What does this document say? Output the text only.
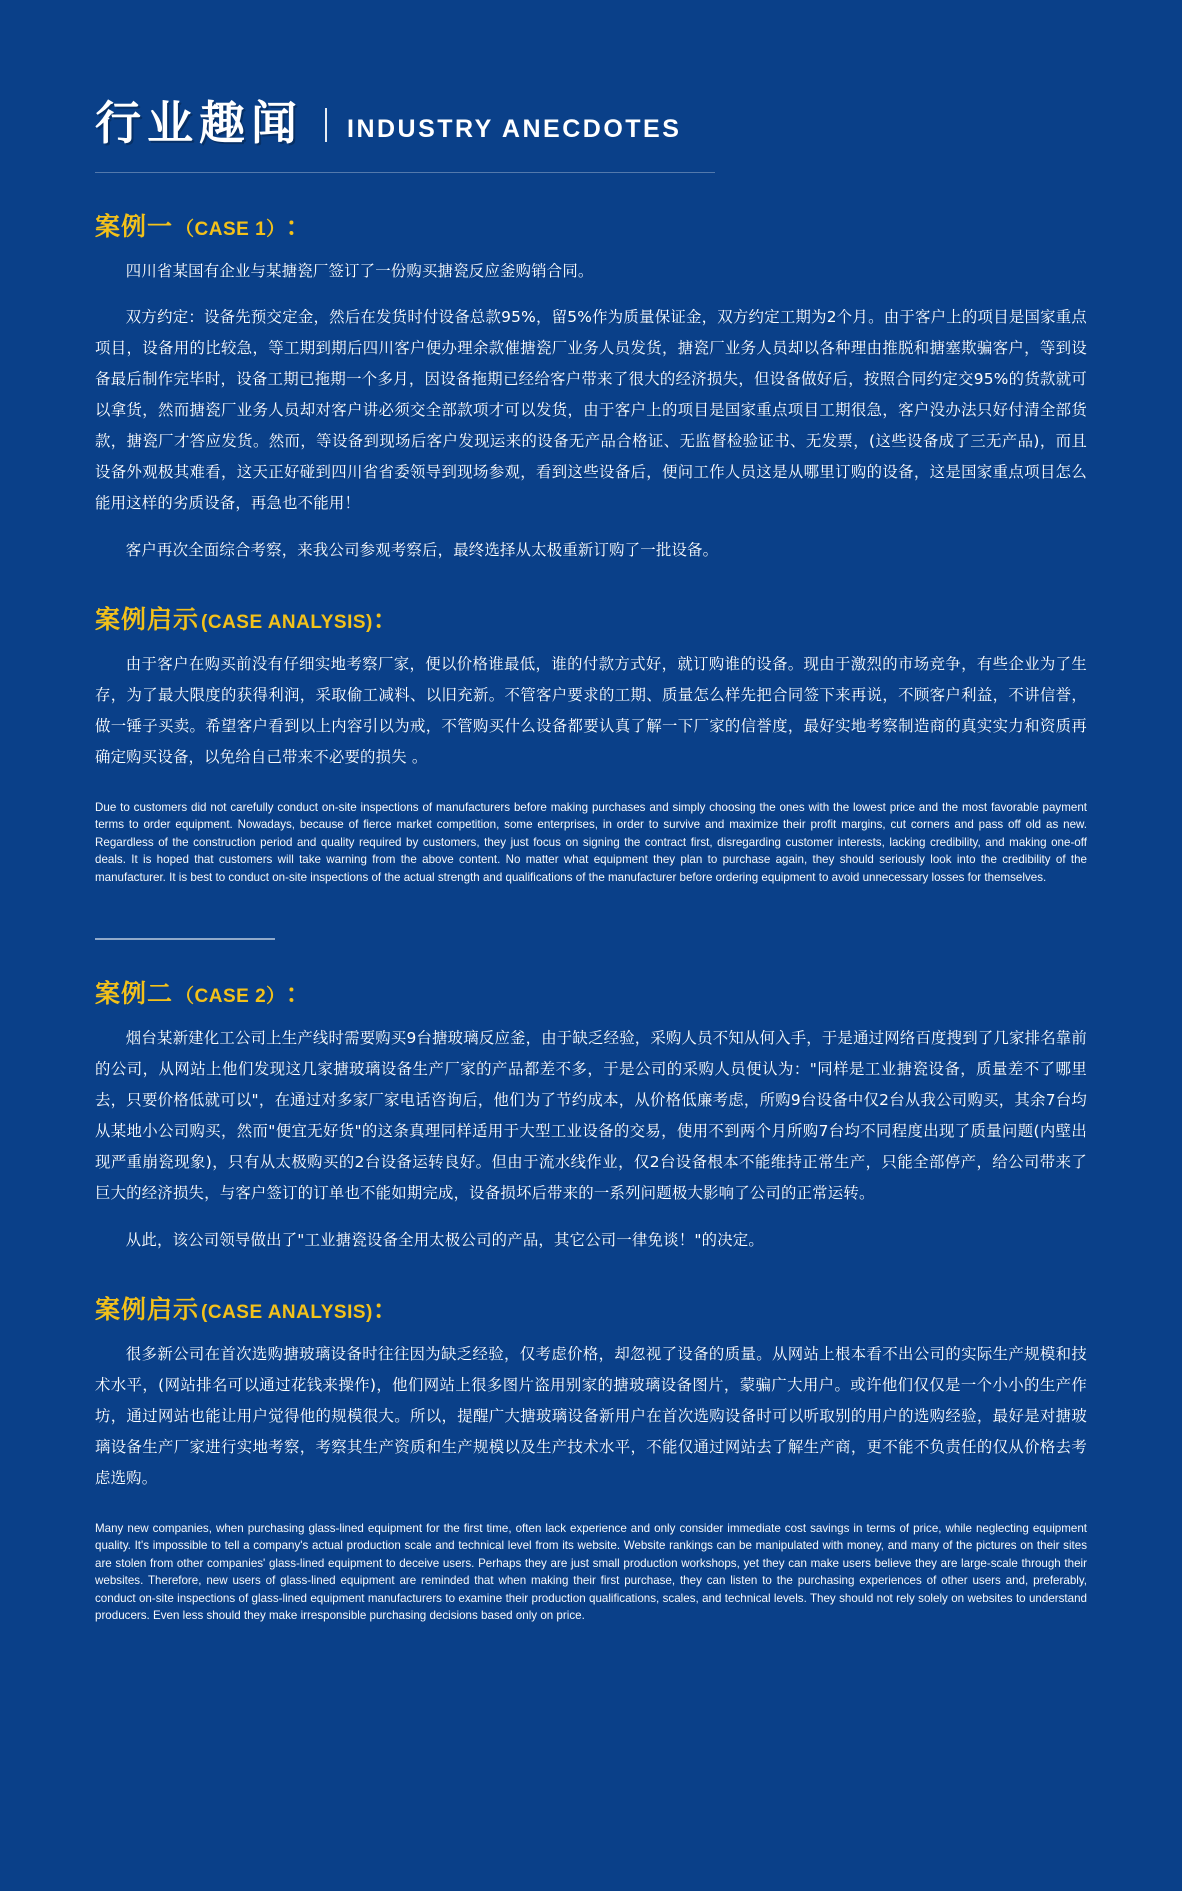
行业趣闻 INDUSTRY ANECDOTES
案例一 （CASE 1） ：

四川省某国有企业与某搪瓷厂签订了一份购买搪瓷反应釜购销合同。

双方约定：设备先预交定金，然后在发货时付设备总款95%，留5%作为质量保证金，双方约定工期为2个月。由于客户上的项目是国家重点项目，设备用的比较急，等工期到期后四川客户便办理余款催搪瓷厂业务人员发货，搪瓷厂业务人员却以各种理由推脱和搪塞欺骗客户，等到设备最后制作完毕时，设备工期已拖期一个多月，因设备拖期已经给客户带来了很大的经济损失，但设备做好后，按照合同约定交95%的货款就可以拿货，然而搪瓷厂业务人员却对客户讲必须交全部款项才可以发货，由于客户上的项目是国家重点项目工期很急，客户没办法只好付清全部货款，搪瓷厂才答应发货。然而，等设备到现场后客户发现运来的设备无产品合格证、无监督检验证书、无发票，(这些设备成了三无产品)，而且设备外观极其难看，这天正好碰到四川省省委领导到现场参观，看到这些设备后，便问工作人员这是从哪里订购的设备，这是国家重点项目怎么能用这样的劣质设备，再急也不能用！

客户再次全面综合考察，来我公司参观考察后，最终选择从太极重新订购了一批设备。

案例启示 (CASE ANALYSIS) ：

由于客户在购买前没有仔细实地考察厂家，便以价格谁最低，谁的付款方式好，就订购谁的设备。现由于激烈的市场竞争，有些企业为了生存，为了最大限度的获得利润，采取偷工减料、以旧充新。不管客户要求的工期、质量怎么样先把合同签下来再说，不顾客户利益，不讲信誉，做一锤子买卖。希望客户看到以上内容引以为戒，不管购买什么设备都要认真了解一下厂家的信誉度，最好实地考察制造商的真实实力和资质再确定购买设备，以免给自己带来不必要的损失 。

Due to customers did not carefully conduct on-site inspections of manufacturers before making purchases and simply choosing the ones with the lowest price and the most favorable payment terms to order equipment. Nowadays, because of fierce market competition, some enterprises, in order to survive and maximize their profit margins, cut corners and pass off old as new. Regardless of the construction period and quality required by customers, they just focus on signing the contract first, disregarding customer interests, lacking credibility, and making one-off deals. It is hoped that customers will take warning from the above content. No matter what equipment they plan to purchase again, they should seriously look into the credibility of the manufacturer. It is best to conduct on-site inspections of the actual strength and qualifications of the manufacturer before ordering equipment to avoid unnecessary losses for themselves.

案例二 （CASE 2） ：

烟台某新建化工公司上生产线时需要购买9台搪玻璃反应釜，由于缺乏经验，采购人员不知从何入手，于是通过网络百度搜到了几家排名靠前的公司，从网站上他们发现这几家搪玻璃设备生产厂家的产品都差不多，于是公司的采购人员便认为："同样是工业搪瓷设备，质量差不了哪里去，只要价格低就可以"，在通过对多家厂家电话咨询后，他们为了节约成本，从价格低廉考虑，所购9台设备中仅2台从我公司购买，其余7台均从某地小公司购买，然而"便宜无好货"的这条真理同样适用于大型工业设备的交易，使用不到两个月所购7台均不同程度出现了质量问题(内壁出现严重崩瓷现象)，只有从太极购买的2台设备运转良好。但由于流水线作业，仅2台设备根本不能维持正常生产，只能全部停产，给公司带来了巨大的经济损失，与客户签订的订单也不能如期完成，设备损坏后带来的一系列问题极大影响了公司的正常运转。

从此，该公司领导做出了"工业搪瓷设备全用太极公司的产品，其它公司一律免谈！"的决定。

案例启示 (CASE ANALYSIS) ：

很多新公司在首次选购搪玻璃设备时往往因为缺乏经验，仅考虑价格，却忽视了设备的质量。从网站上根本看不出公司的实际生产规模和技术水平，(网站排名可以通过花钱来操作)，他们网站上很多图片盗用别家的搪玻璃设备图片，蒙骗广大用户。或许他们仅仅是一个小小的生产作坊，通过网站也能让用户觉得他的规模很大。所以，提醒广大搪玻璃设备新用户在首次选购设备时可以听取别的用户的选购经验，最好是对搪玻璃设备生产厂家进行实地考察，考察其生产资质和生产规模以及生产技术水平，不能仅通过网站去了解生产商，更不能不负责任的仅从价格去考虑选购。

Many new companies, when purchasing glass-lined equipment for the first time, often lack experience and only consider immediate cost savings in terms of price, while neglecting equipment quality. It's impossible to tell a company's actual production scale and technical level from its website. Website rankings can be manipulated with money, and many of the pictures on their sites are stolen from other companies' glass-lined equipment to deceive users. Perhaps they are just small production workshops, yet they can make users believe they are large-scale through their websites. Therefore, new users of glass-lined equipment are reminded that when making their first purchase, they can listen to the purchasing experiences of other users and, preferably, conduct on-site inspections of glass-lined equipment manufacturers to examine their production qualifications, scales, and technical levels. They should not rely solely on websites to understand producers. Even less should they make irresponsible purchasing decisions based only on price.
